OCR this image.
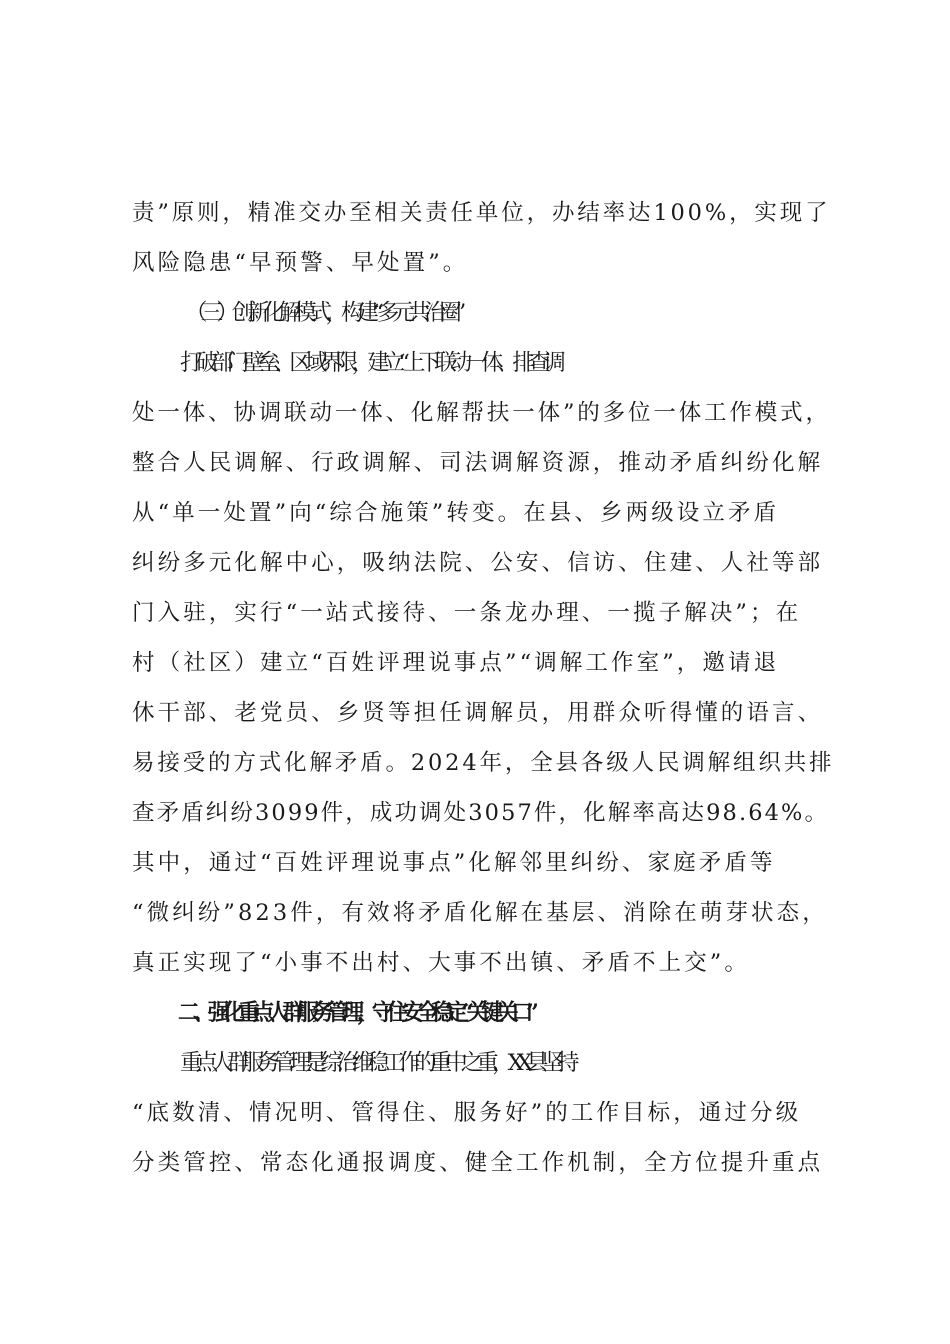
责”原则，精准交办至相关责任单位，办结率达100%，实现了
风险隐患“早预警、早处置”。
（三）创新化解模式，构建“多元共治圈”
打破部门壁垒、区域界限，建立“上下联动一体、排查调
处一体、协调联动一体、化解帮扶一体”的多位一体工作模式，
整合人民调解、行政调解、司法调解资源，推动矛盾纠纷化解
从“单一处置”向“综合施策”转变。在县、乡两级设立矛盾
纠纷多元化解中心，吸纳法院、公安、信访、住建、人社等部
门入驻，实行“一站式接待、一条龙办理、一揽子解决”；在
村（社区）建立“百姓评理说事点”“调解工作室”，邀请退
休干部、老党员、乡贤等担任调解员，用群众听得懂的语言、
易接受的方式化解矛盾。2024年，全县各级人民调解组织共排
查矛盾纠纷3099件，成功调处3057件，化解率高达98.64%。
其中，通过“百姓评理说事点”化解邻里纠纷、家庭矛盾等
“微纠纷”823件，有效将矛盾化解在基层、消除在萌芽状态，
真正实现了“小事不出村、大事不出镇、矛盾不上交”。
二、强化重点人群服务管理，守住安全稳定“关键关口”
重点人群服务管理是综治维稳工作的重中之重，XX县坚持
“底数清、情况明、管得住、服务好”的工作目标，通过分级
分类管控、常态化通报调度、健全工作机制，全方位提升重点
